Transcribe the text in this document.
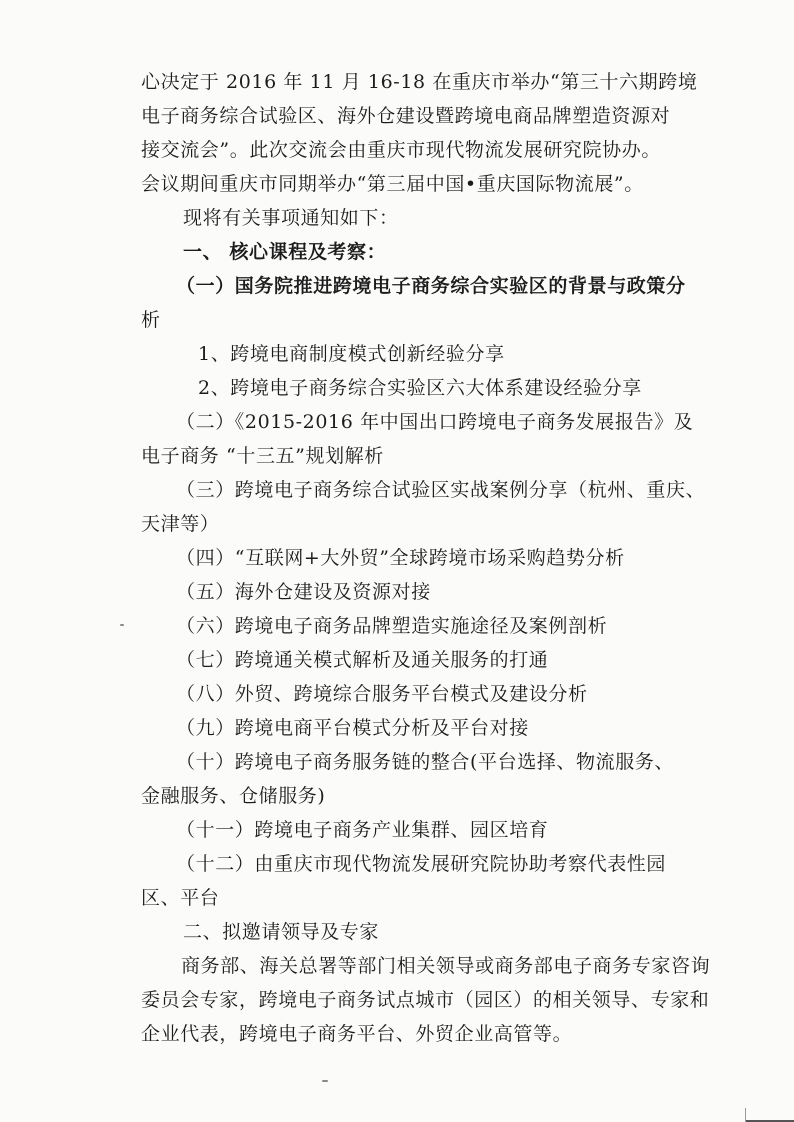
心决定于 2016 年 11 月 16-18 在重庆市举办“第三十六期跨境
电子商务综合试验区、海外仓建设暨跨境电商品牌塑造资源对
接交流会”。此次交流会由重庆市现代物流发展研究院协办。
会议期间重庆市同期举办“第三届中国•重庆国际物流展”。
现将有关事项通知如下：
一、 核心课程及考察：
（一）国务院推进跨境电子商务综合实验区的背景与政策分
析
1、跨境电商制度模式创新经验分享
2、跨境电子商务综合实验区六大体系建设经验分享
（二）《2015-2016 年中国出口跨境电子商务发展报告》及
电子商务 “十三五”规划解析
（三）跨境电子商务综合试验区实战案例分享（杭州、重庆、
天津等）
（四）“互联网+大外贸”全球跨境市场采购趋势分析
（五）海外仓建设及资源对接
（六）跨境电子商务品牌塑造实施途径及案例剖析
（七）跨境通关模式解析及通关服务的打通
（八）外贸、跨境综合服务平台模式及建设分析
（九）跨境电商平台模式分析及平台对接
（十）跨境电子商务服务链的整合(平台选择、物流服务、
金融服务、仓储服务)
（十一）跨境电子商务产业集群、园区培育
（十二）由重庆市现代物流发展研究院协助考察代表性园
区、平台
二、拟邀请领导及专家
商务部、海关总署等部门相关领导或商务部电子商务专家咨询委员会专家，跨境电子商务试点城市（园区）的相关领导、专家和企业代表，跨境电子商务平台、外贸企业高管等。
